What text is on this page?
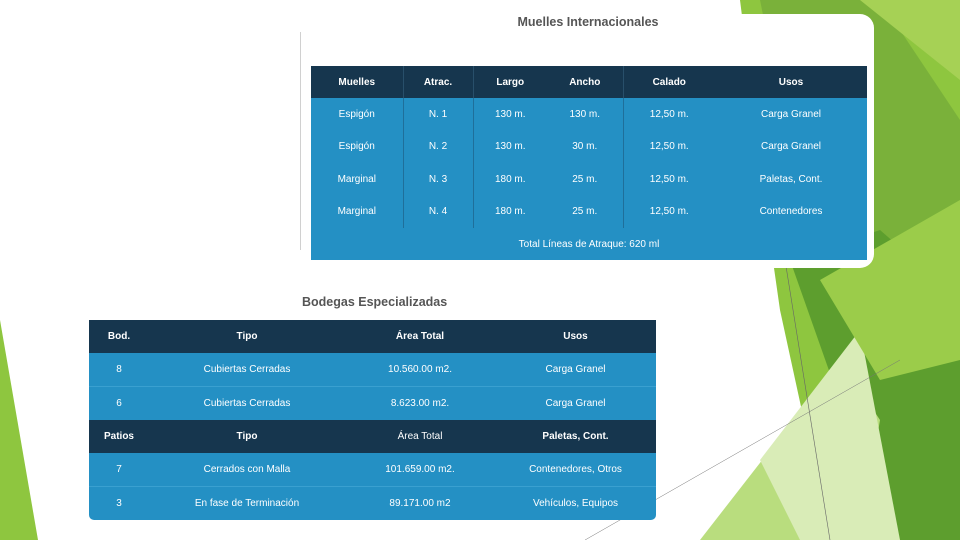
Muelles Internacionales
Muelles	Atrac.	Largo	Ancho	Calado	Usos
Espigón	N. 1	130 m.	130 m.	12,50 m.	Carga Granel
Espigón	N. 2	130 m.	30 m.	12,50 m.	Carga Granel
Marginal	N. 3	180 m.	25 m.	12,50 m.	Paletas, Cont.
Marginal	N. 4	180 m.	25 m.	12,50 m.	Contenedores
Total Líneas de Atraque: 620 ml					
Bodegas Especializadas
Bod.	Tipo	Área Total	Usos
8	Cubiertas Cerradas	10.560.00 m2.	Carga Granel
6	Cubiertas Cerradas	8.623.00 m2.	Carga Granel
Patios	Tipo	Área Total	Paletas, Cont.
7	Cerrados con Malla	101.659.00 m2.	Contenedores, Otros
3	En fase de Terminación	89.171.00 m2	Vehículos, Equipos
